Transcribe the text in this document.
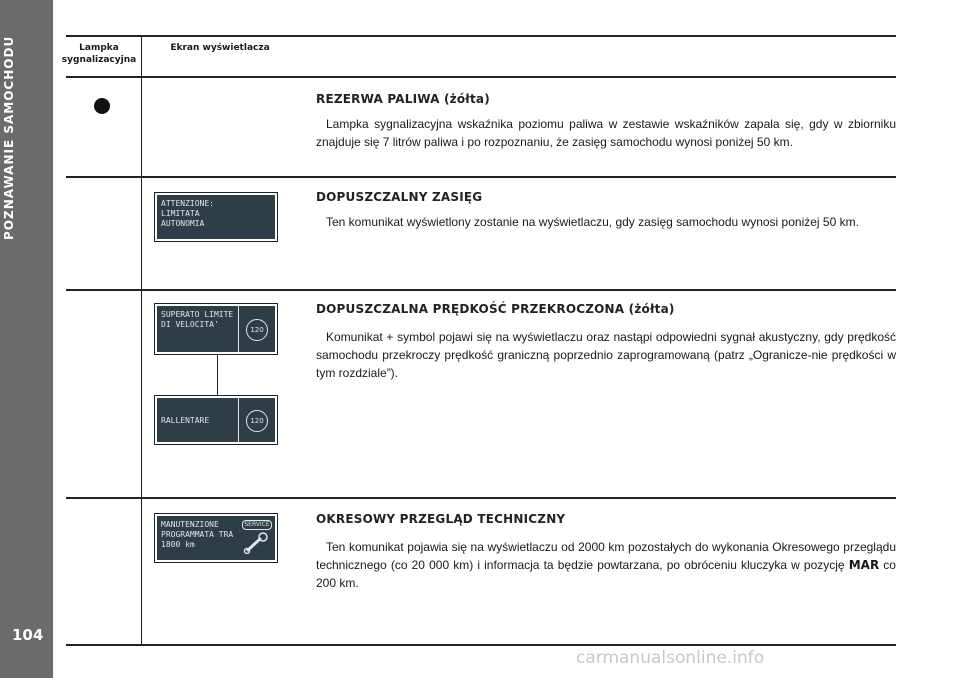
POZNAWANIE SAMOCHODU
104
Lampka sygnalizacyjna
Ekran wyświetlacza
REZERWA PALIWA (żółta)
Lampka sygnalizacyjna wskaźnika poziomu paliwa w zestawie wskaźników zapala się, gdy w zbiorniku znajduje się 7 litrów paliwa i po rozpoznaniu, że zasięg samochodu wynosi poniżej 50 km.
ATTENZIONE:
LIMITATA
AUTONOMIA
DOPUSZCZALNY ZASIĘG
Ten komunikat wyświetlony zostanie na wyświetlaczu, gdy zasięg samochodu wynosi poniżej 50 km.
SUPERATO LIMITE
DI VELOCITA'
120
RALLENTARE	120
DOPUSZCZALNA PRĘDKOŚĆ PRZEKROCZONA (żółta)
Komunikat + symbol pojawi się na wyświetlaczu oraz nastąpi odpowiedni sygnał akustyczny, gdy prędkość samochodu przekroczy prędkość graniczną poprzednio zaprogramowaną (patrz „Ogranicze-nie prędkości w tym rozdziale”).
MANUTENZIONE
PROGRAMMATA TRA
1800 km
SERVICE	OKRESOWY PRZEGLĄD TECHNICZNY
Ten komunikat pojawia się na wyświetlaczu od 2000 km pozostałych do wykonania Okresowego przeglądu technicznego (co 20 000 km) i informacja ta będzie powtarzana, po obróceniu kluczyka w pozycję MAR co 200 km.
carmanualsonline.info
